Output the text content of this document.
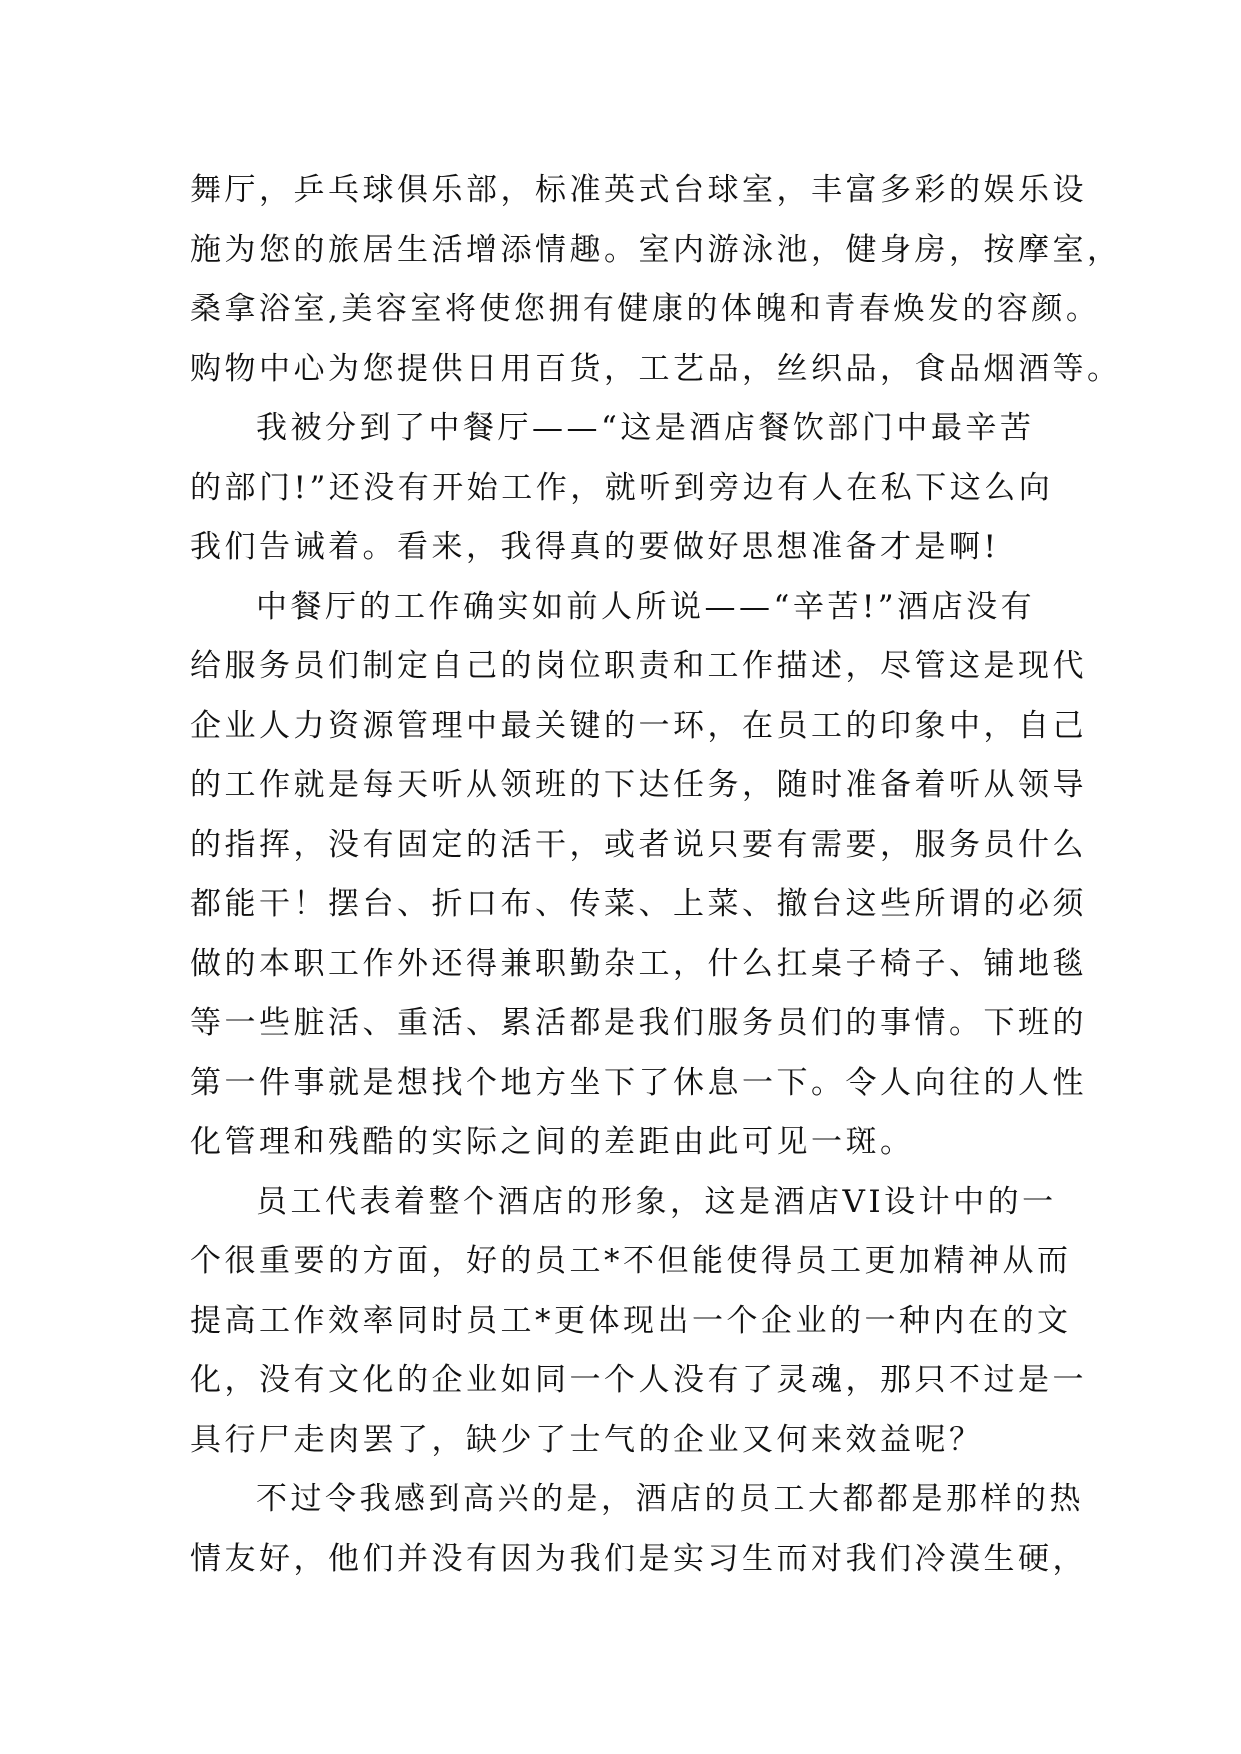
舞厅，乒乓球俱乐部，标准英式台球室，丰富多彩的娱乐设
施为您的旅居生活增添情趣。室内游泳池，健身房，按摩室，
桑拿浴室,美容室将使您拥有健康的体魄和青春焕发的容颜。
购物中心为您提供日用百货，工艺品，丝织品，食品烟酒等。
我被分到了中餐厅——“这是酒店餐饮部门中最辛苦
的部门!”还没有开始工作，就听到旁边有人在私下这么向
我们告诫着。看来，我得真的要做好思想准备才是啊!
中餐厅的工作确实如前人所说——“辛苦!”酒店没有
给服务员们制定自己的岗位职责和工作描述，尽管这是现代
企业人力资源管理中最关键的一环，在员工的印象中，自己
的工作就是每天听从领班的下达任务，随时准备着听从领导
的指挥，没有固定的活干，或者说只要有需要，服务员什么
都能干！摆台、折口布、传菜、上菜、撤台这些所谓的必须
做的本职工作外还得兼职勤杂工，什么扛桌子椅子、铺地毯
等一些脏活、重活、累活都是我们服务员们的事情。下班的
第一件事就是想找个地方坐下了休息一下。令人向往的人性
化管理和残酷的实际之间的差距由此可见一斑。
员工代表着整个酒店的形象，这是酒店VI设计中的一
个很重要的方面，好的员工*不但能使得员工更加精神从而
提高工作效率同时员工*更体现出一个企业的一种内在的文
化，没有文化的企业如同一个人没有了灵魂，那只不过是一
具行尸走肉罢了，缺少了士气的企业又何来效益呢？
不过令我感到高兴的是，酒店的员工大都都是那样的热
情友好，他们并没有因为我们是实习生而对我们冷漠生硬，
